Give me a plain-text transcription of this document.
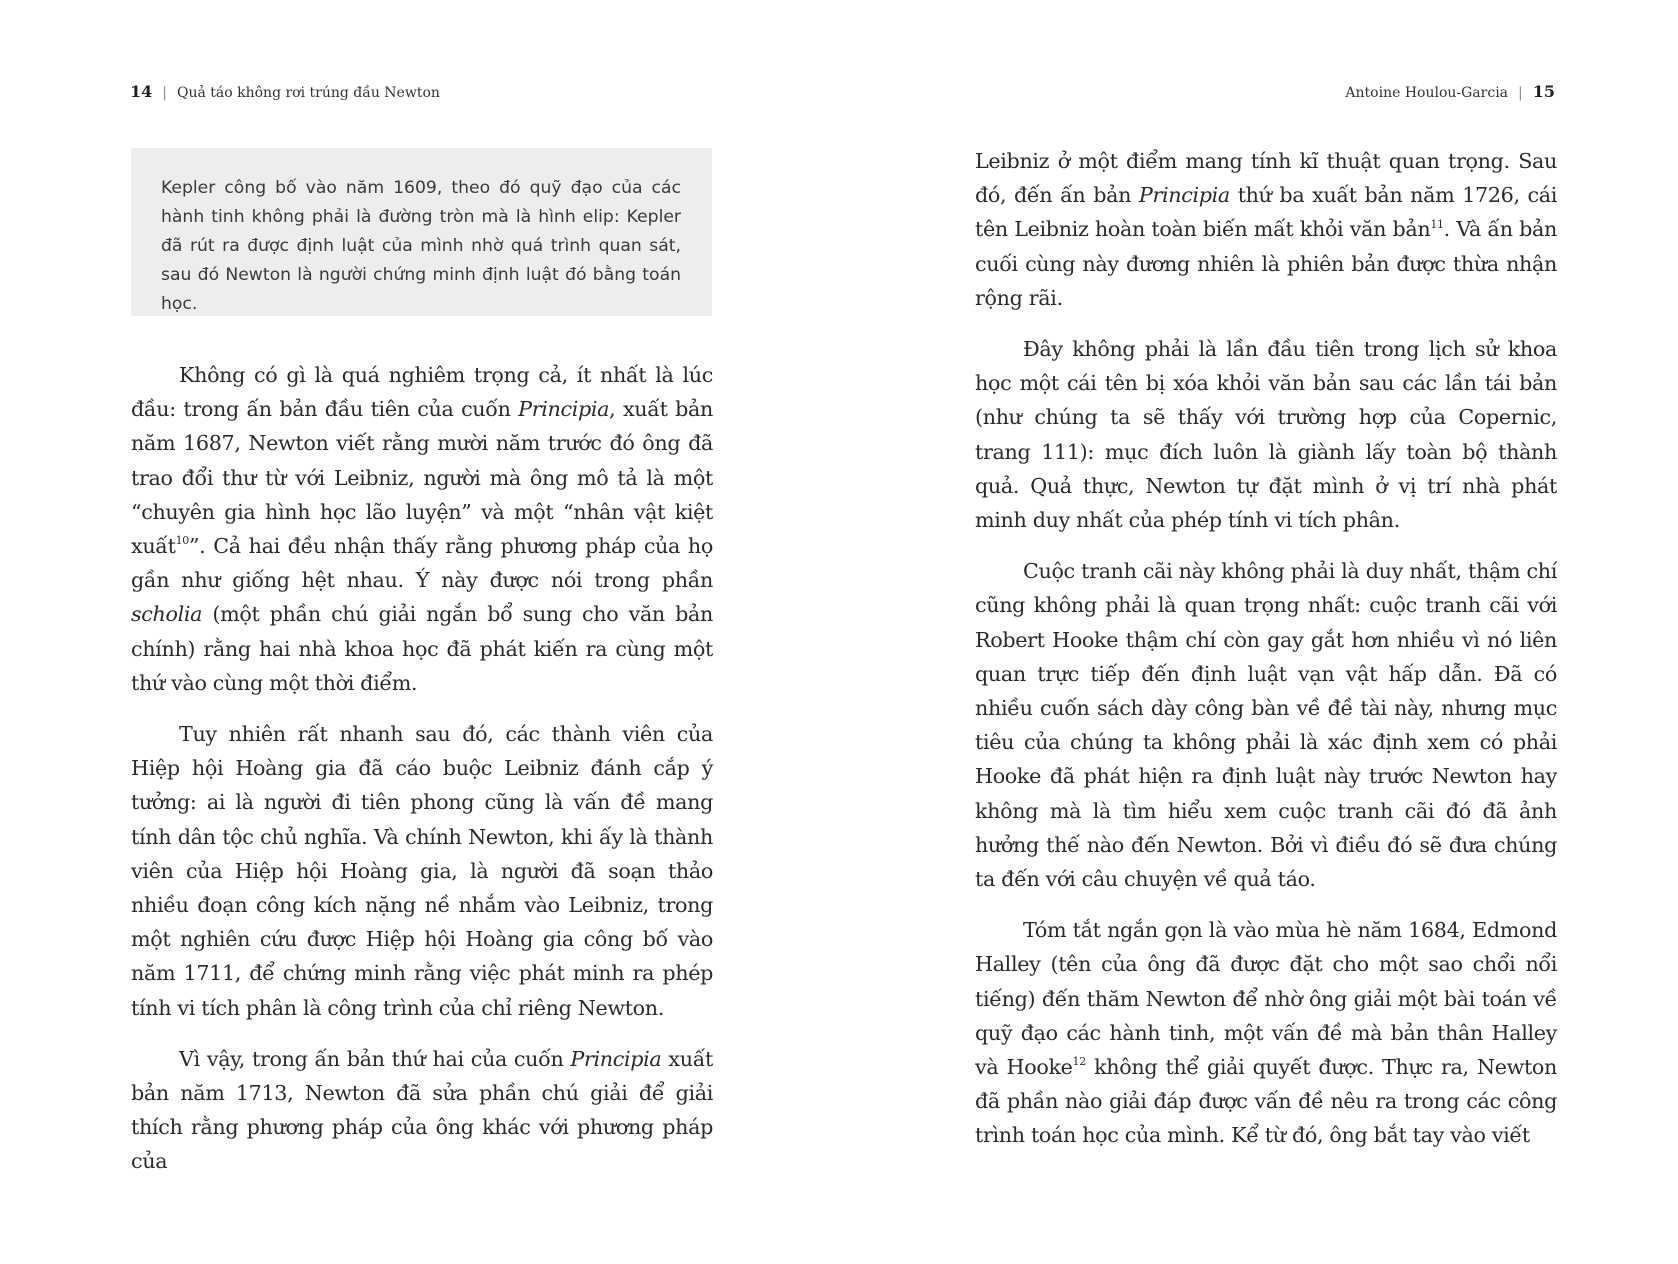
14 | Quả táo không rơi trúng đầu Newton
Kepler công bố vào năm 1609, theo đó quỹ đạo của các hành tinh không phải là đường tròn mà là hình elip: Kepler đã rút ra được định luật của mình nhờ quá trình quan sát, sau đó Newton là người chứng minh định luật đó bằng toán học.

Không có gì là quá nghiêm trọng cả, ít nhất là lúc đầu: trong ấn bản đầu tiên của cuốn Principia, xuất bản năm 1687, Newton viết rằng mười năm trước đó ông đã trao đổi thư từ với Leibniz, người mà ông mô tả là một “chuyên gia hình học lão luyện” và một “nhân vật kiệt xuất$^{10}$”. Cả hai đều nhận thấy rằng phương pháp của họ gần như giống hệt nhau. Ý này được nói trong phần scholia (một phần chú giải ngắn bổ sung cho văn bản chính) rằng hai nhà khoa học đã phát kiến ra cùng một thứ vào cùng một thời điểm.

Tuy nhiên rất nhanh sau đó, các thành viên của Hiệp hội Hoàng gia đã cáo buộc Leibniz đánh cắp ý tưởng: ai là người đi tiên phong cũng là vấn đề mang tính dân tộc chủ nghĩa. Và chính Newton, khi ấy là thành viên của Hiệp hội Hoàng gia, là người đã soạn thảo nhiều đoạn công kích nặng nề nhắm vào Leibniz, trong một nghiên cứu được Hiệp hội Hoàng gia công bố vào năm 1711, để chứng minh rằng việc phát minh ra phép tính vi tích phân là công trình của chỉ riêng Newton.

Vì vậy, trong ấn bản thứ hai của cuốn Principia xuất bản năm 1713, Newton đã sửa phần chú giải để giải thích rằng phương pháp của ông khác với phương pháp của

Antoine Houlou-Garcia | 15

Leibniz ở một điểm mang tính kĩ thuật quan trọng. Sau đó, đến ấn bản Principia thứ ba xuất bản năm 1726, cái tên Leibniz hoàn toàn biến mất khỏi văn bản$^{11}$. Và ấn bản cuối cùng này đương nhiên là phiên bản được thừa nhận rộng rãi.

Đây không phải là lần đầu tiên trong lịch sử khoa học một cái tên bị xóa khỏi văn bản sau các lần tái bản (như chúng ta sẽ thấy với trường hợp của Copernic, trang 111): mục đích luôn là giành lấy toàn bộ thành quả. Quả thực, Newton tự đặt mình ở vị trí nhà phát minh duy nhất của phép tính vi tích phân.

Cuộc tranh cãi này không phải là duy nhất, thậm chí cũng không phải là quan trọng nhất: cuộc tranh cãi với Robert Hooke thậm chí còn gay gắt hơn nhiều vì nó liên quan trực tiếp đến định luật vạn vật hấp dẫn. Đã có nhiều cuốn sách dày công bàn về đề tài này, nhưng mục tiêu của chúng ta không phải là xác định xem có phải Hooke đã phát hiện ra định luật này trước Newton hay không mà là tìm hiểu xem cuộc tranh cãi đó đã ảnh hưởng thế nào đến Newton. Bởi vì điều đó sẽ đưa chúng ta đến với câu chuyện về quả táo.

Tóm tắt ngắn gọn là vào mùa hè năm 1684, Edmond Halley (tên của ông đã được đặt cho một sao chổi nổi tiếng) đến thăm Newton để nhờ ông giải một bài toán về quỹ đạo các hành tinh, một vấn đề mà bản thân Halley và Hooke$^{12}$ không thể giải quyết được. Thực ra, Newton đã phần nào giải đáp được vấn đề nêu ra trong các công trình toán học của mình. Kể từ đó, ông bắt tay vào viết
